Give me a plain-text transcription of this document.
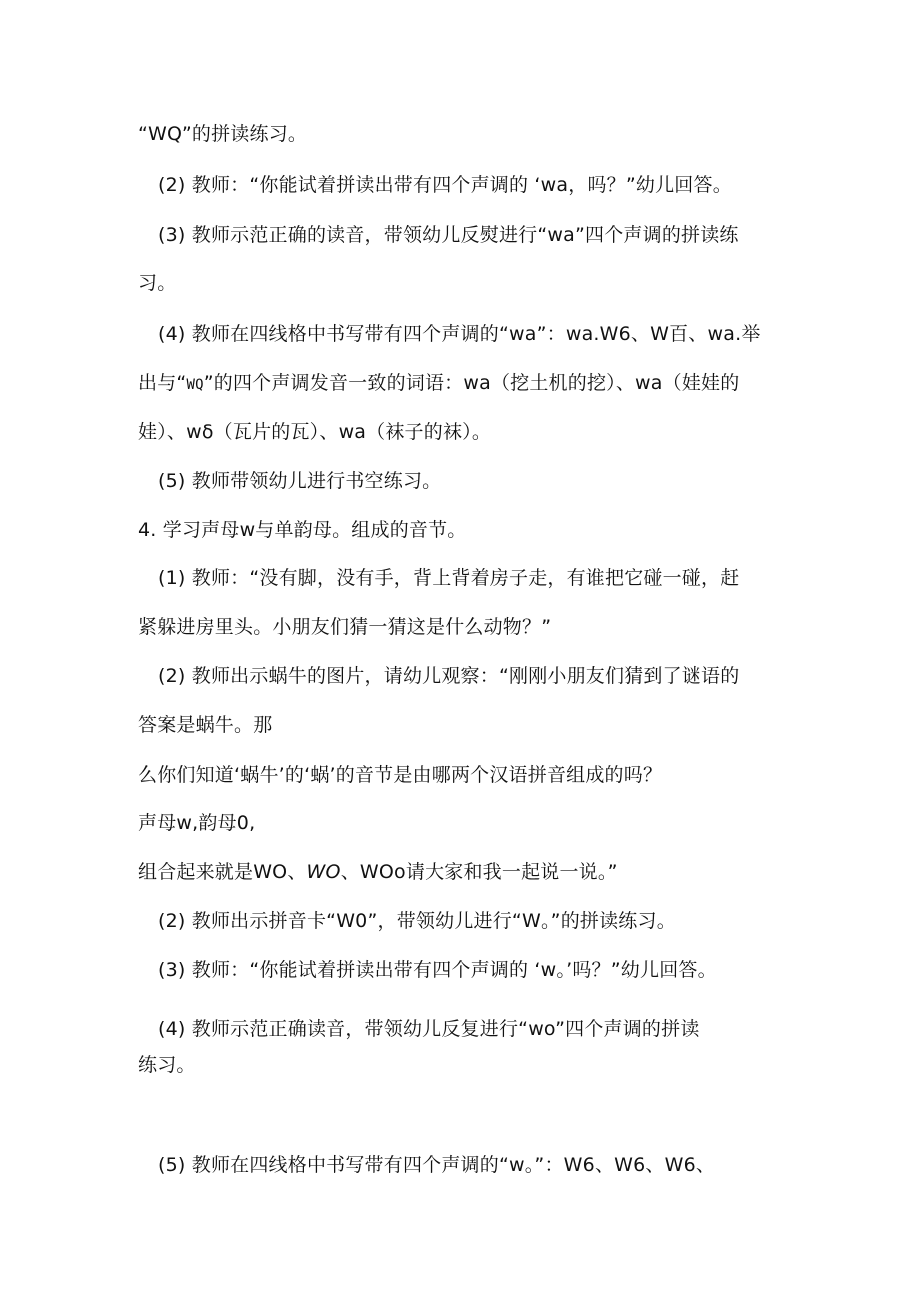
“WQ”的拼读练习。
(2) 教师：“你能试着拼读出带有四个声调的 ‘wa，吗？”幼儿回答。
(3) 教师示范正确的读音，带领幼儿反熨进行“wa”四个声调的拼读练
习。
(4) 教师在四线格中书写带有四个声调的“wa”：wa.W6、W百、wa.举
出与“WQ”的四个声调发音一致的词语：wa（挖土机的挖）、wa（娃娃的
娃）、wδ（瓦片的瓦）、wa（袜子的袜）。
(5) 教师带领幼儿进行书空练习。
4. 学习声母w与单韵母。组成的音节。
(1) 教师：“没有脚，没有手，背上背着房子走，有谁把它碰一碰，赶
紧躲进房里头。小朋友们猜一猜这是什么动物？”
(2) 教师出示蜗牛的图片，请幼儿观察：“刚刚小朋友们猜到了谜语的
答案是蜗牛。那
么你们知道‘蜗牛’的‘蜗’的音节是由哪两个汉语拼音组成的吗？
声母w,韵母0,
组合起来就是WO、WO、WOo请大家和我一起说一说。”
(2) 教师出示拼音卡“W0”，带领幼儿进行“W。”的拼读练习。
(3) 教师：“你能试着拼读出带有四个声调的 ‘w。’吗？”幼儿回答。
(4) 教师示范正确读音，带领幼儿反复进行“wo”四个声调的拼读
练习。
(5) 教师在四线格中书写带有四个声调的“w。”：W6、W6、W6、
